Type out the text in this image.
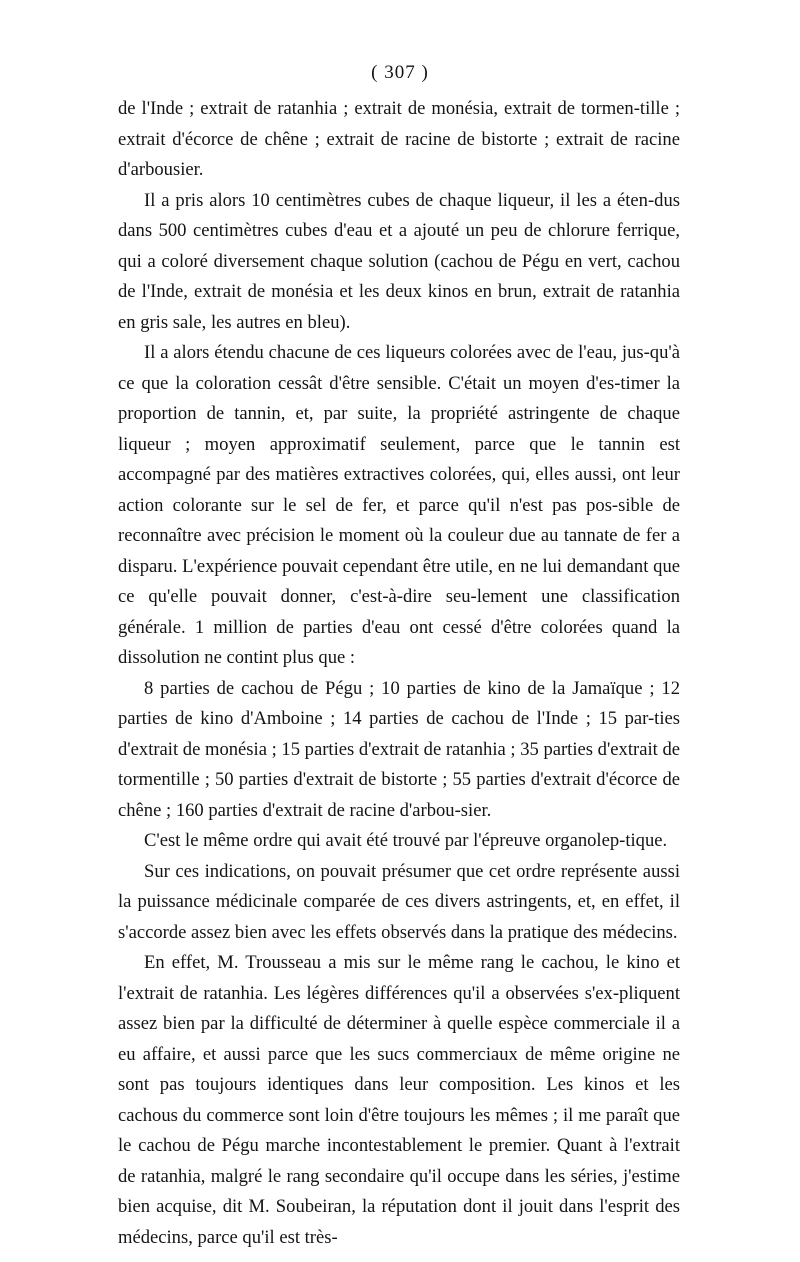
( 307 )

de l'Inde ; extrait de ratanhia ; extrait de monésia, extrait de tormen-tille ; extrait d'écorce de chêne ; extrait de racine de bistorte ; extrait de racine d'arbousier.

Il a pris alors 10 centimètres cubes de chaque liqueur, il les a éten-dus dans 500 centimètres cubes d'eau et a ajouté un peu de chlorure ferrique, qui a coloré diversement chaque solution (cachou de Pégu en vert, cachou de l'Inde, extrait de monésia et les deux kinos en brun, extrait de ratanhia en gris sale, les autres en bleu).

Il a alors étendu chacune de ces liqueurs colorées avec de l'eau, jus-qu'à ce que la coloration cessât d'être sensible. C'était un moyen d'es-timer la proportion de tannin, et, par suite, la propriété astringente de chaque liqueur ; moyen approximatif seulement, parce que le tannin est accompagné par des matières extractives colorées, qui, elles aussi, ont leur action colorante sur le sel de fer, et parce qu'il n'est pas pos-sible de reconnaître avec précision le moment où la couleur due au tannate de fer a disparu. L'expérience pouvait cependant être utile, en ne lui demandant que ce qu'elle pouvait donner, c'est-à-dire seu-lement une classification générale. 1 million de parties d'eau ont cessé d'être colorées quand la dissolution ne contint plus que :

8 parties de cachou de Pégu ; 10 parties de kino de la Jamaïque ; 12 parties de kino d'Amboine ; 14 parties de cachou de l'Inde ; 15 par-ties d'extrait de monésia ; 15 parties d'extrait de ratanhia ; 35 parties d'extrait de tormentille ; 50 parties d'extrait de bistorte ; 55 parties d'extrait d'écorce de chêne ; 160 parties d'extrait de racine d'arbou-sier.

C'est le même ordre qui avait été trouvé par l'épreuve organolep-tique.

Sur ces indications, on pouvait présumer que cet ordre représente aussi la puissance médicinale comparée de ces divers astringents, et, en effet, il s'accorde assez bien avec les effets observés dans la pratique des médecins.

En effet, M. Trousseau a mis sur le même rang le cachou, le kino et l'extrait de ratanhia. Les légères différences qu'il a observées s'ex-pliquent assez bien par la difficulté de déterminer à quelle espèce commerciale il a eu affaire, et aussi parce que les sucs commerciaux de même origine ne sont pas toujours identiques dans leur composition. Les kinos et les cachous du commerce sont loin d'être toujours les mêmes ; il me paraît que le cachou de Pégu marche incontestablement le premier. Quant à l'extrait de ratanhia, malgré le rang secondaire qu'il occupe dans les séries, j'estime bien acquise, dit M. Soubeiran, la réputation dont il jouit dans l'esprit des médecins, parce qu'il est très-
